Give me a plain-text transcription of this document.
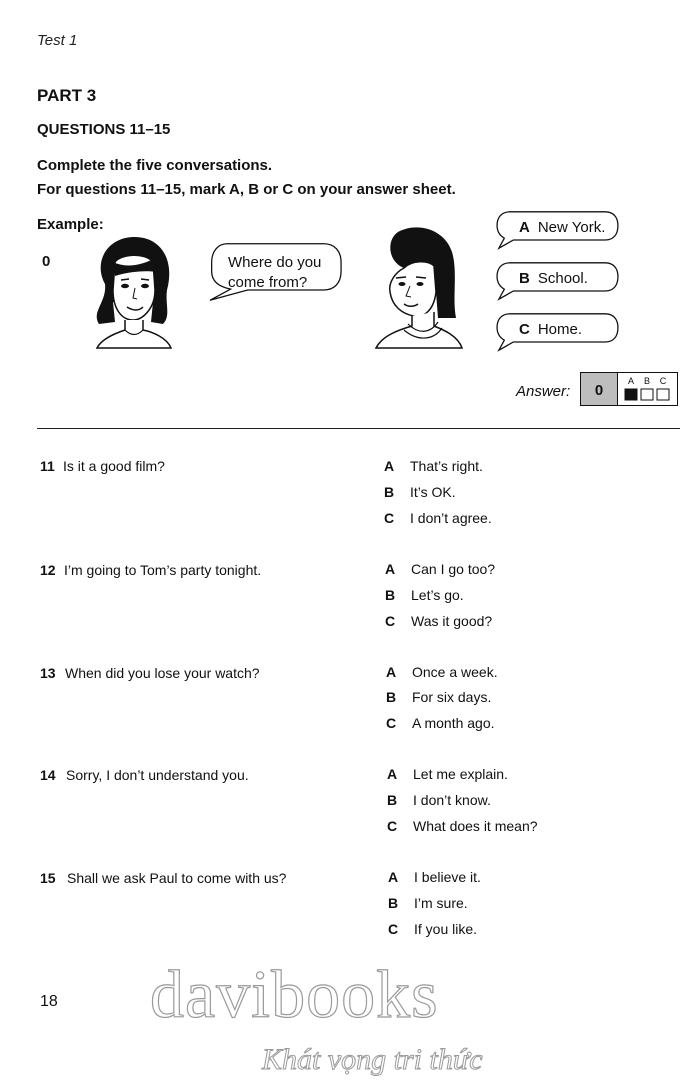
Test 1
PART 3
QUESTIONS 11–15
Complete the five conversations.
For questions 11–15, mark A, B or C on your answer sheet.
Example:
0	Where do you
come from?
A New York.
B School.
C Home.
Answer: 0
A B C
11 Is it a good film?	A That’s right.
B It’s OK.
C I don’t agree.
12 I’m going to Tom’s party tonight.	A Can I go too?
B Let’s go.
C Was it good?
13 When did you lose your watch?	A Once a week.
B For six days.
C A month ago.
14 Sorry, I don’t understand you.	A Let me explain.
B I don’t know.
C What does it mean?
15 Shall we ask Paul to come with us?	A I believe it.
B I’m sure.
C If you like.
18 davibooks
Khát vọng tri thức
